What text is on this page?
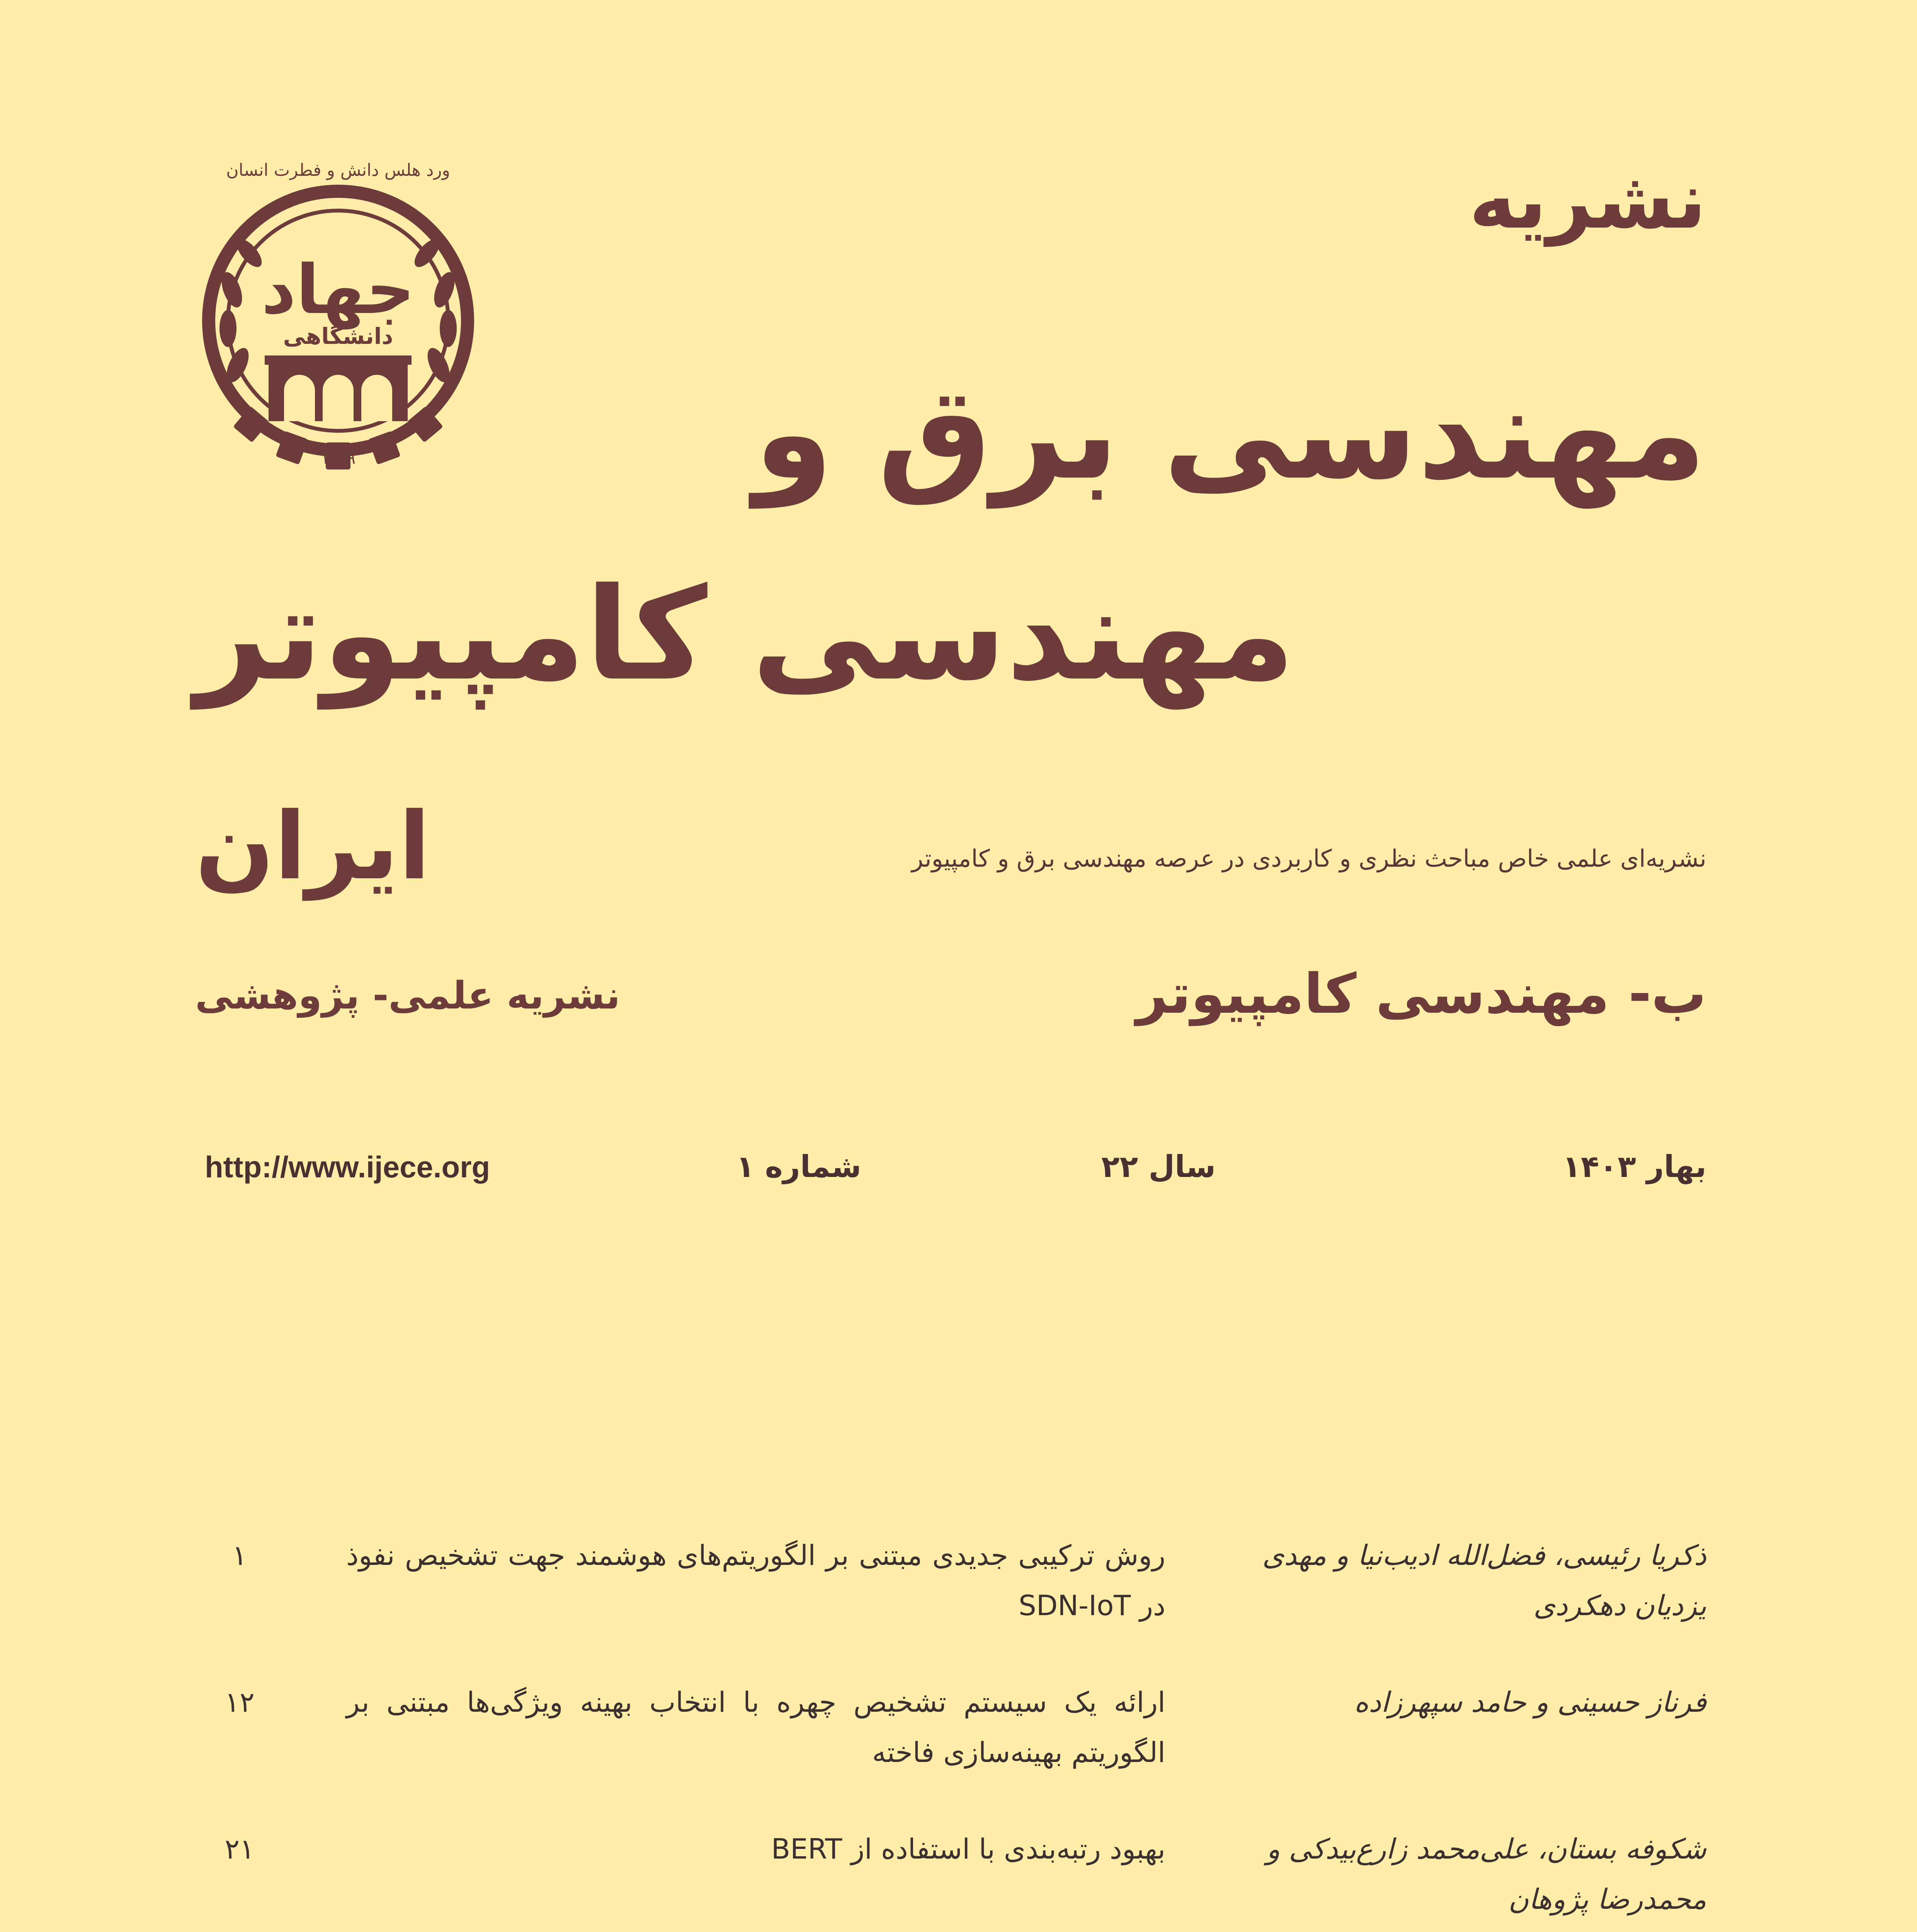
جهاد
دانشگاهی
ورد هلس دانش و فطرت انسان
۱۳۵۹
نشریه
مهندسی برق و
مهندسی کامپیوتر
ایران	نشریه‌ای علمی خاص مباحث نظری و کاربردی در عرصه مهندسی برق و کامپیوتر
ب- مهندسی کامپیوتر
نشریه علمی- پژوهشی
بهار ۱۴۰۳
سال ۲۲
شماره ۱
http://www.ijece.org
ذکریا رئیسی، فضل‌الله ادیب‌نیا و مهدی یزدیان دهکردی
روش ترکیبی جدیدی مبتنی بر الگوریتم‌های هوشمند جهت تشخیص نفوذ در SDN-IoT
۱
فرناز حسینی و حامد سپهرزاده
ارائه یک سیستم تشخیص چهره با انتخاب بهینه ویژگی‌ها مبتنی بر الگوریتم بهینه‌سازی فاخته
۱۲
شکوفه بستان، علی‌محمد زارع‌بیدکی و محمدرضا پژوهان
بهبود رتبه‌بندی با استفاده از BERT
۲۱
